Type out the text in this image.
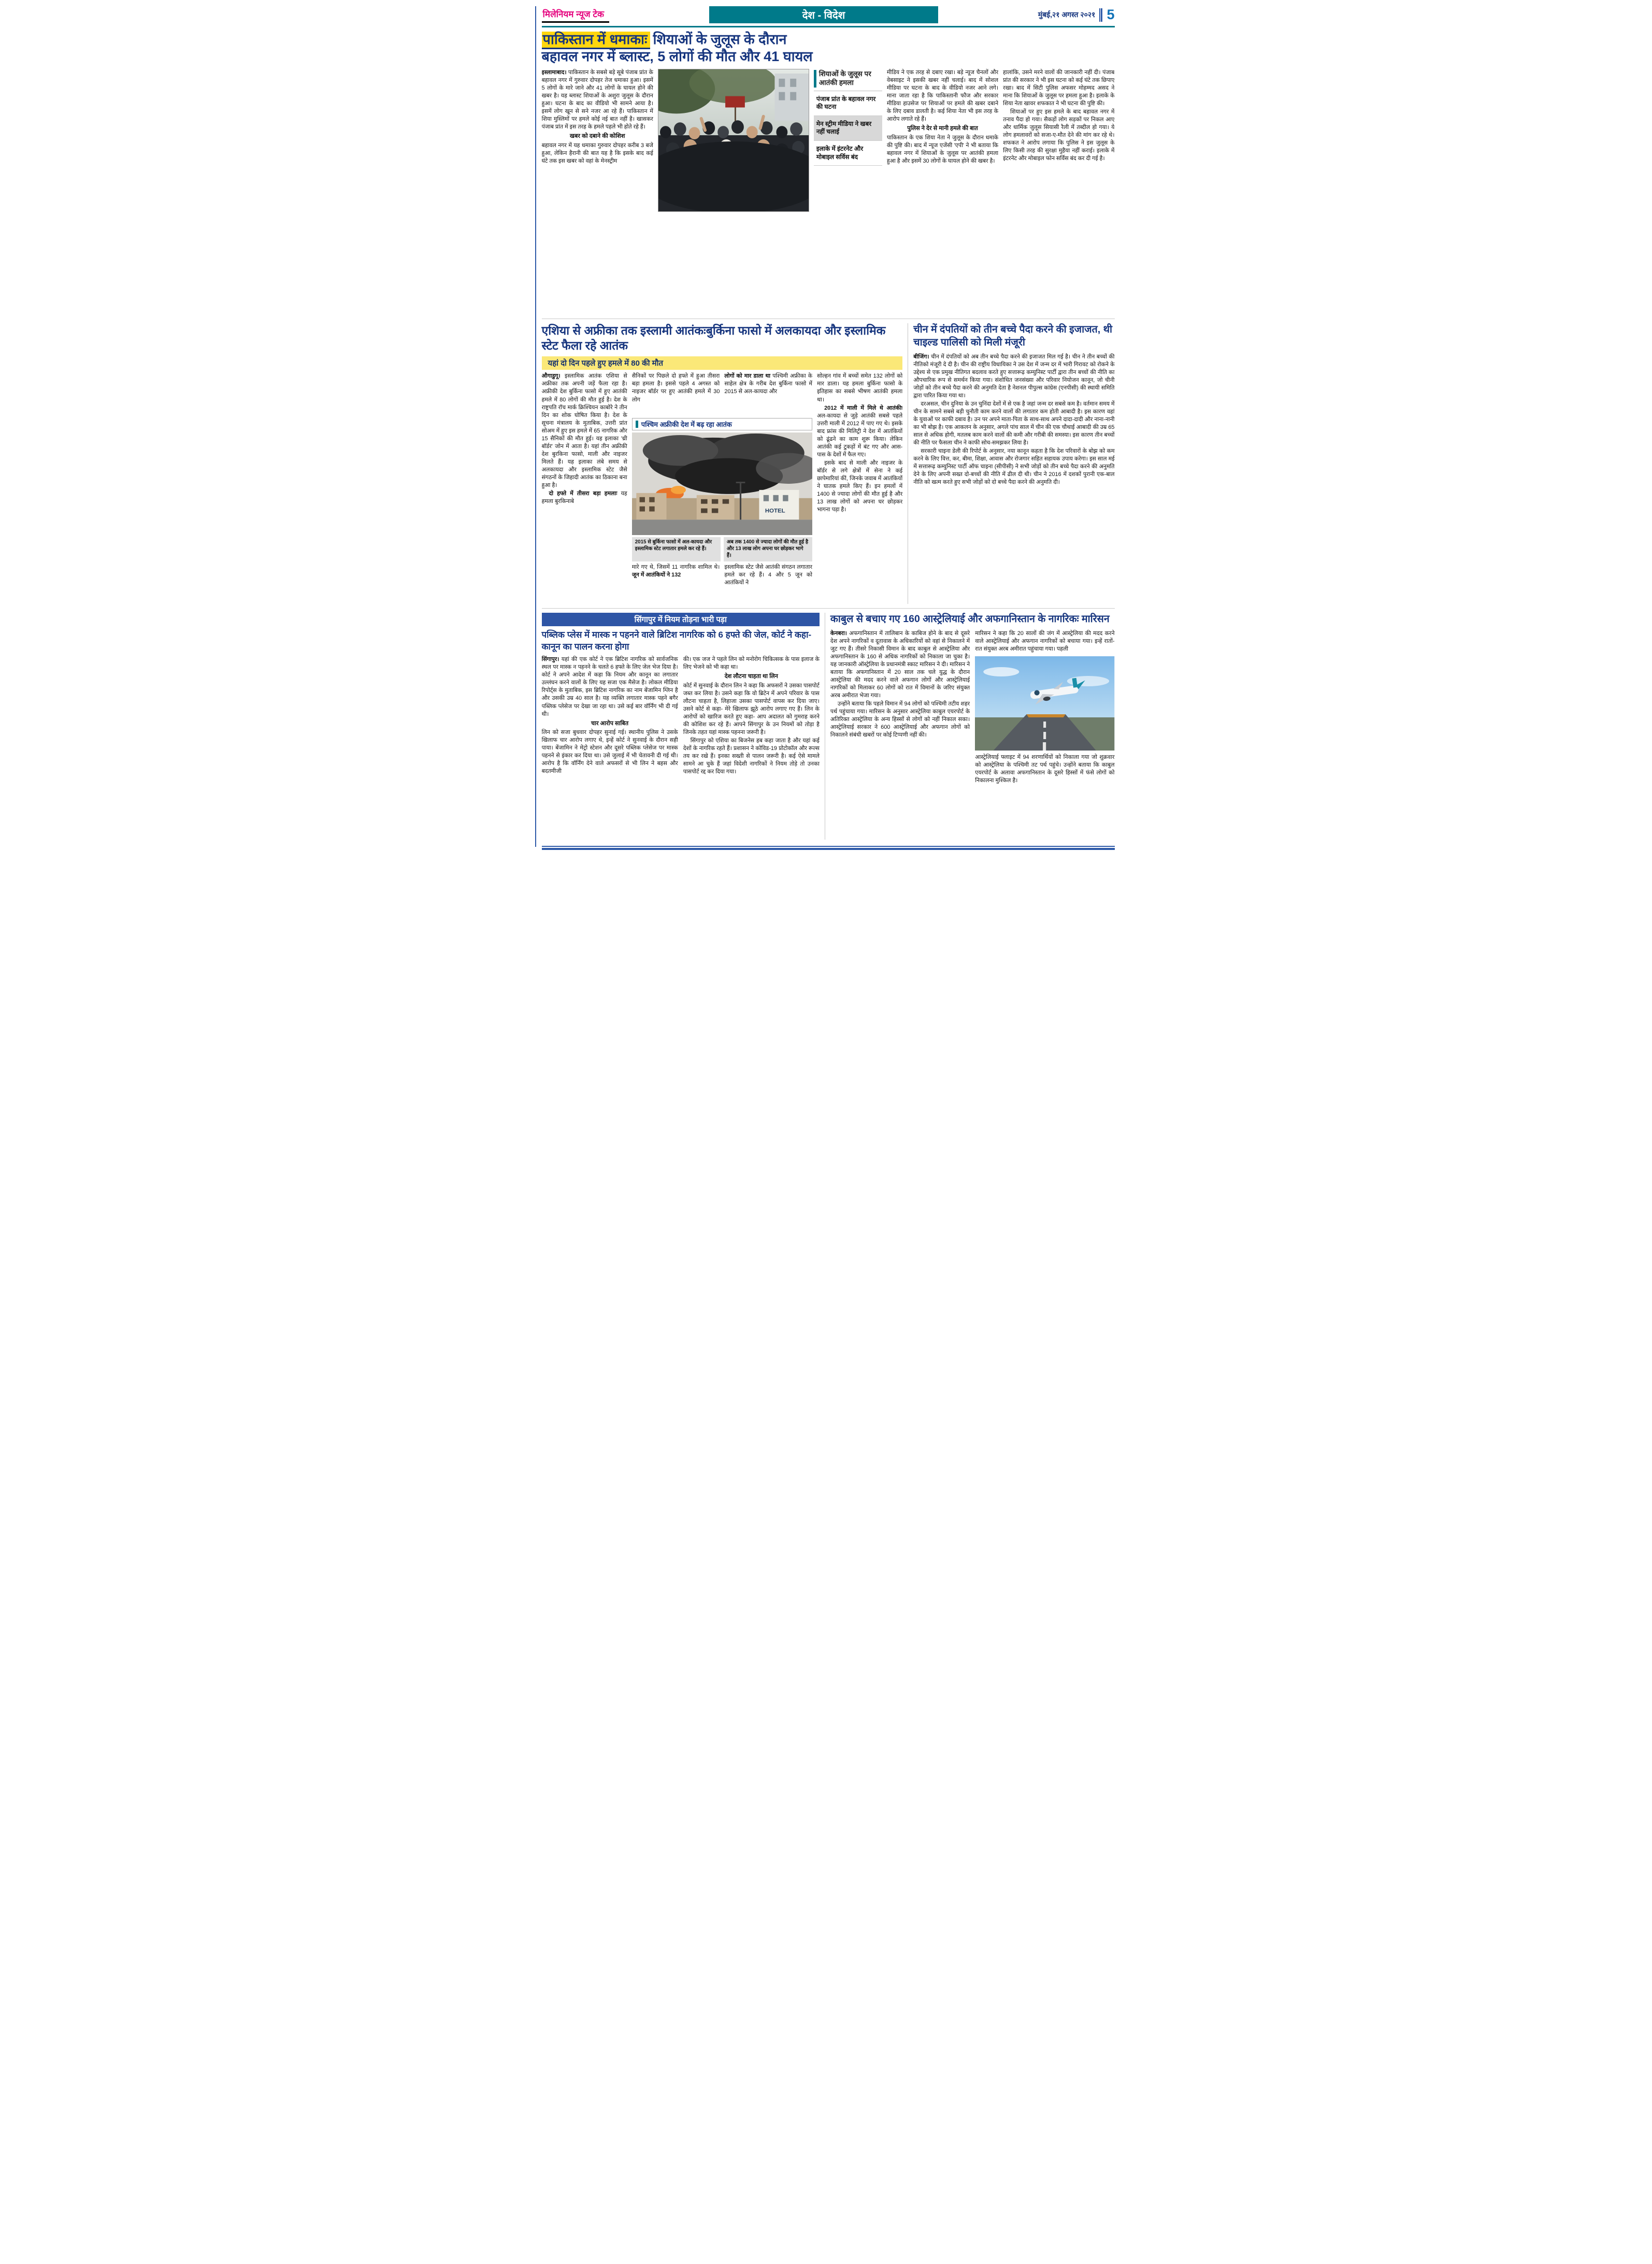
मिलेनियम न्यूज टेक	देश - विदेश	मुंबई,२१ अगस्त २०२१ 5
पाकिस्तान में धमाकाः शियाओं के जुलूस के दौरान
बहावल नगर में ब्लास्ट, 5 लोगों की मौत और 41 घायल

इस्लामाबाद। पाकिस्तान के सबसे बड़े सूबे पंजाब प्रांत के बहावल नगर में गुरुवार दोपहर तेज धमाका हुआ। इसमें 5 लोगों के मारे जाने और 41 लोगों के घायल होने की खबर है। यह ब्लास्ट शियाओं के अशुरा जुलूस के दौरान हुआ। घटना के बाद का वीडियो भी सामने आया है। इसमें लोग खून से सने नजर आ रहे हैं। पाकिस्तान में शिया मुस्लिमों पर हमले कोई नई बात नहीं है। खासकर पंजाब प्रांत में इस तरह के हमले पहले भी होते रहे हैं।

खबर को दबाने की कोशिश

बहावल नगर में यह धमाका गुरुवार दोपहर करीब 3 बजे हुआ, लेकिन हैरानी की बात यह है कि इसके बाद कई घंटे तक इस खबर को वहां के मेनस्ट्रीम

शियाओं के जुलूस पर आतंकी हमला
पंजाब प्रांत के बहावल नगर की घटना
मेन स्ट्रीम मीडिया ने खबर नहीं चलाई
इलाके में इंटरनेट और मोबाइल सर्विस बंद

मीडिय ने एक तरह से दबाए रखा। बड़े न्यूज चैनलों और वेबसाइट ने इसकी खबर नहीं चलाई। बाद में सोशल मीडिया पर घटना के बाद के वीडियो नजर आने लगे। माना जाता रहा है कि पाकिस्तानी फौज और सरकार मीडिया हाउसेज पर शियाओं पर हमले की खबर दबाने के लिए दबाव डालती है। कई शिया नेता भी इस तरह के आरोप लगाते रहे हैं।

पुलिस ने देर से मानी हमले की बात

पाकिस्तान के एक शिया नेता ने जुलूस के दौरान धमाके की पुष्टि की। बाद में न्यूज एजेंसी 'एपी' ने भी बताया कि बहावल नगर में शियाओं के जुलूस पर आतंकी हमला हुआ है और इसमें 30 लोगों के घायल होने की खबर है।

हालांकि, उसने मरने वालों की जानकारी नहीं दी। पंजाब प्रांत की सरकार ने भी इस घटना को कई घंटे तक छिपाए रखा। बाद में सिटी पुलिस अफसर मोहम्मद असद ने माना कि शियाओं के जुलूस पर हमला हुआ है। इलाके के शिया नेता खावर शफकात ने भी घटना की पुष्टि की।

शियाओं पर हुए इस हमले के बाद बहावल नगर में तनाव पैदा हो गया। सैकड़ों लोग सड़कों पर निकल आए और धार्मिक जुलूस सियासी रैली में तब्दील हो गया। ये लोग हमलावरों को सजा-ए-मौत देने की मांग कर रहे थे। शफकत ने आरोप लगाया कि पुलिस ने इस जुलूस के लिए किसी तरह की सुरक्षा मुहैया नहीं कराई। इलाके में इंटरनेट और मोबाइल फोन सर्विस बंद कर दी गई है।

एशिया से अफ्रीका तक इस्लामी आतंकःबुर्किना फासो में अलकायदा और इस्लामिक स्टेट फैला रहे आतंक
यहां दो दिन पहले हुए हमले में 80 की मौत

औगाडुगू। इस्लामिक आतंक एशिया से अफ्रीका तक अपनी जड़ें फैला रहा है। अफ्रीकी देश बुर्किना फासो में हुए आतंकी हमले में 80 लोगों की मौत हुई है। देश के राष्ट्रपति रॉच मार्क क्रिश्चियन काबोरे ने तीन दिन का शोक घोषित किया है। देश के सूचना मंत्रालय के मुताबिक, उत्तरी प्रांत सोअम में हुए इस हमले में 65 नागरिक और 15 सैनिकों की मौत हुई। यह इलाका 'थ्री बॉर्डर' जोन में आता है। यहां तीन अफ्रीकी देश बुरकिना फासो, माली और नाइजर मिलते हैं। यह इलाका लंबे समय से अलकायदा और इस्लामिक स्टेट जैसे संगठनों के जिहादी आतंक का ठिकाना बना हुआ है।

दो हफ्ते में तीसरा बड़ा हमलाः यह हमला बुरकिनाबे

सैनिकों पर पिछले दो हफ्ते में हुआ तीसरा बड़ा हमला है। इससे पहले 4 अगस्त को नाइजर बॉर्डर पर हुए आतंकी हमले में 30 लोग
लोगों को मार डाला था पश्चिमी अफ्रीका के साहेल क्षेत्र के गरीब देश बुर्किना फासो में 2015 से अल-कायदा और
पश्चिम अफ्रीकी देश में बढ़ रहा आतंक
HOTEL
2015 से बुर्किना फासो में अल-कायदा और इस्लामिक स्टेट लगातार हमले कर रहे हैं।
अब तक 1400 से ज्यादा लोगों की मौत हुई है और 13 लाख लोग अपना घर छोड़कर भागे हैं।
मारे गए थे, जिसमें 11 नागरिक शामिल थे। जून में आतंकियों ने 132
इस्लामिक स्टेट जैसे आतंकी संगठन लगातार हमले कर रहे हैं। 4 और 5 जून को आतंकियों ने

सोल्हन गांव में बच्चों समेत 132 लोगों को मार डाला। यह हमला बुर्किना फासो के इतिहास का सबसे भीषण आतंकी हमला था।

2012 में माली में मिले थे आतंकीः अल-कायदा से जुड़े आतंकी सबसे पहले उत्तरी माली में 2012 में पाए गए थे। इसके बाद फ्रांस की मिलिट्री ने देश में आतंकियों को ढूंढने का काम शुरू किया। लेकिन आतंकी कई टुकड़ों में बंट गए और आस-पास के देशों में फैल गए।

इसके बाद से माली और नाइजर के बॉर्डर से लगे क्षेत्रों में सेना ने कई छापेमारियां कीं, जिनके जवाब में आतंकियों ने घातक हमले किए हैं। इन हमलों में 1400 से ज्यादा लोगों की मौत हुई है और 13 लाख लोगों को अपना घर छोड़कर भागना पड़ा है।

चीन में दंपतियों को तीन बच्चे पैदा करने की इजाजत, थी चाइल्ड पालिसी को मिली मंजूरी

बीजिंग। चीन में दंपतियों को अब तीन बच्चे पैदा करने की इजाजत मिल गई है। चीन ने तीन बच्चों की नीतिको मंजूरी दे दी है। चीन की राष्ट्रीय विधायिका ने उस देश में जन्म दर में भारी गिरावट को रोकने के उद्देश्य से एक प्रमुख नीतिगत बदलाव करते हुए सत्तारूढ़ कम्युनिस्ट पार्टी द्वारा तीन बच्चों की नीति का औपचारिक रूप से समर्थन किया गया। संशोधित जनसंख्या और परिवार नियोजन कानून, जो चीनी जोड़ों को तीन बच्चे पैदा करने की अनुमति देता है नेशनल पीपुल्स कांग्रेस (एनपीसी) की स्थायी समिति द्वारा पारित किया गया था।

दरअसल, चीन दुनिया के उन चुनिंदा देशों में से एक है जहां जन्म दर सबसे कम है। वर्तमान समय में चीन के सामने सबसे बड़ी चुनौती काम करने वालों की लगातार कम होती आबादी है। इस कारण वहां के युवाओं पर काफी दबाव है। उन पर अपने माता-पिता के साथ-साथ अपने दादा-दादी और नाना-नानी का भी बोझ है। एक आकलन के अनुसार, अगले पांच साल में चीन की एक चौथाई आबादी की उम्र 65 साल से अधिक होगी, मतलब काम करने वालों की कमी और गरीबी की समस्या। इस कारण तीन बच्चों की नीति पर फैसला चीन ने काफी सोच-समझकर लिया है।

सरकारी चाइना डेली की रिपोर्ट के अनुसार, नया कानून कहता है कि देश परिवारों के बोझ को कम करने के लिए वित्त, कर, बीमा, शिक्षा, आवास और रोजगार सहित सहायक उपाय करेगा। इस साल मई में सत्तारूढ़ कम्युनिस्ट पार्टी ऑफ चाइना (सीपीसी) ने सभी जोड़ों को तीन बच्चे पैदा करने की अनुमति देने के लिए अपनी सख्त दो-बच्चों की नीति में ढील दी थी। चीन ने 2016 में दशकों पुरानी एक-बाल नीति को खत्म करते हुए सभी जोड़ों को दो बच्चे पैदा करने की अनुमति दी।

सिंगापुर में नियम तोड़ना भारी पड़ा
पब्लिक प्लेस में मास्क न पहनने वाले ब्रिटिश नागरिक को 6 हफ्ते की जेल, कोर्ट ने कहा- कानून का पालन करना होगा

सिंगापुर। यहां की एक कोर्ट ने एक ब्रिटिश नागरिक को सार्वजनिक स्थल पर मास्क न पहनने के चलते 6 हफ्ते के लिए जेल भेज दिया है। कोर्ट ने अपने आदेश में कहा कि नियम और कानून का लगातार उल्लंघन करने वालों के लिए यह सजा एक मैसेज है। लोकल मीडिया रिपोर्ट्स के मुताबिक, इस ब्रिटिश नागरिक का नाम बेंजामिन ग्लिन है और उसकी उम्र 40 साल है। यह व्यक्ति लगातार मास्क पहने बगैर पब्लिक प्लेसेज पर देखा जा रहा था। उसे कई बार वॉर्निंग भी दी गई थी।

चार आरोप साबित

लिन को सजा बुधवार दोपहर सुनाई गई। स्थानीय पुलिस ने उसके खिलाफ चार आरोप लगाए थे, इन्हें कोर्ट ने सुनवाई के दौरान सही पाया। बेंजामिन ने मेट्रो स्टेशन और दूसरे पब्लिक प्लेसेज पर मास्क पहनने से इंकार कर दिया था। उसे जुलाई में भी चेतावनी दी गई थी। आरोप है कि वॉर्निंग देने वाले अफसरों से भी लिन ने बहस और बदतमीजी

की। एक जज ने पहले लिन को मनोरोग चिकित्सक के पास इलाज के लिए भेजने को भी कहा था।

देश लौटना चाहता था लिन

कोर्ट में सुनवाई के दौरान लिन ने कहा कि अफसरों ने उसका पासपोर्ट जब्त कर लिया है। उसने कहा कि वो ब्रिटेन में अपने परिवार के पास लौटना चाहता है, लिहाजा उसका पासपोर्ट वापस कर दिया जाए। उसने कोर्ट से कहा- मेरे खिलाफ झूठे आरोप लगाए गए हैं। लिन के आरोपों को खारिज करते हुए कहा- आप अदालत को गुमराह करने की कोशिश कर रहे हैं। आपने सिंगापुर के उन नियमों को तोड़ा है जिनके तहत यहां मास्क पहनना जरूरी है।

सिंगापुर को एशिया का बिजनेस हब कहा जाता है और यहां कई देशों के नागरिक रहते हैं। प्रशासन ने कोविड-19 प्रोटोकॉल और रूल्स तय कर रखे हैं। इनका सख्ती से पालन जरूरी है। कई ऐसे मामले सामने आ चुके हैं जहां विदेशी नागरिकों ने नियम तोड़े तो उनका पासपोर्ट रद्द कर दिया गया।

काबुल से बचाए गए 160 आस्ट्रेलियाई और अफगानिस्तान के नागरिकः मारिसन

केनबरा। अफगानिस्तान में तालिबान के काबिज होने के बाद से दूसरे देश अपने नागरिकों व दूतावास के अधिकारियों को वहां से निकालने में जुट गए हैं। तीसरे निकासी विमान के बाद काबुल से आस्ट्रेलिया और अफगानिस्तान के 160 से अधिक नागरिकों को निकाला जा चुका है। यह जानकारी ऑस्ट्रेलिया के प्रधानमंत्री स्काट मारिसन ने दी। मारिसन ने बताया कि अफगानिस्तान में 20 साल तक चले युद्ध के दौरान आस्ट्रेलिया की मदद करने वाले अफगान लोगों और आस्ट्रेलियाई नागरिकों को मिलाकर 60 लोगों को रात में विमानों के जरिए संयुक्त अरब अमीरात भेजा गया।

उन्होंने बताया कि पहले विमान में 94 लोगों को पश्चिमी तटीय शहर पर्थ पहुंचाया गया। मारिसन के अनुसार आस्ट्रेलिया काबुल एयरपोर्ट के अतिरिक्त आस्ट्रेलिया के अन्य हिस्सों से लोगों को नहीं निकाल सका। आस्ट्रेलियाई सरकार ने 600 आस्ट्रेलियाई और अफगान लोगों को निकालने संबंधी खबरों पर कोई टिप्पणी नहीं की।

मारिसन ने कहा कि 20 सालों की जंग में आस्ट्रेलिया की मदद करने वाले आस्ट्रेलियाई और अफगान नागरिकों को बचाया गया। इन्हें रातों-रात संयुक्त अरब अमीरात पहुंचाया गया। पहली
आस्ट्रेलियाई फ्लाइट में 94 शरणार्थियों को निकाला गया जो शुक्रवार को आस्ट्रेलिया के पश्चिमी तट पर्थ पहुंचे। उन्होंने बताया कि काबुल एयरपोर्ट के अलावा अफगानिस्तान के दूसरे हिस्सों में फंसे लोगों को निकालना मुश्किल है।
